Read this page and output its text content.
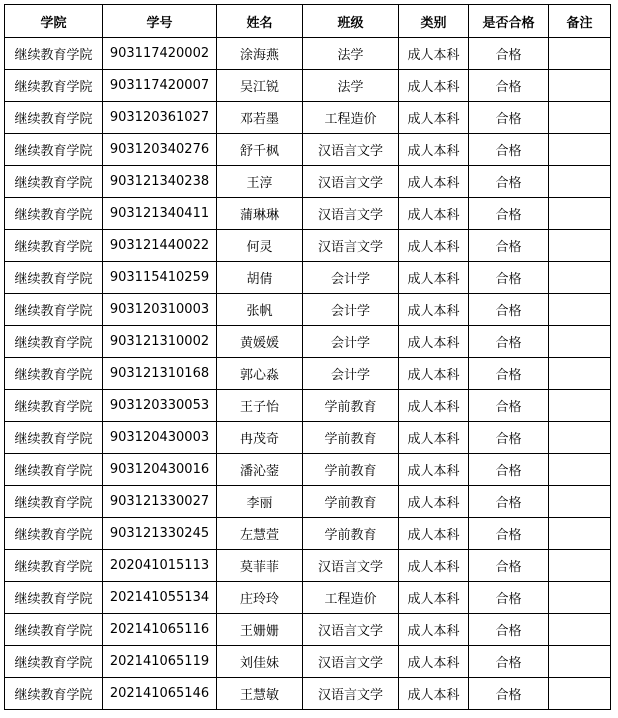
学院	学号	姓名	班级	类别	是否合格	备注
继续教育学院	903117420002	涂海燕	法学	成人本科	合格	
继续教育学院	903117420007	吴江锐	法学	成人本科	合格	
继续教育学院	903120361027	邓若墨	工程造价	成人本科	合格	
继续教育学院	903120340276	舒千枫	汉语言文学	成人本科	合格	
继续教育学院	903121340238	王淳	汉语言文学	成人本科	合格	
继续教育学院	903121340411	蒲琳琳	汉语言文学	成人本科	合格	
继续教育学院	903121440022	何灵	汉语言文学	成人本科	合格	
继续教育学院	903115410259	胡倩	会计学	成人本科	合格	
继续教育学院	903120310003	张帆	会计学	成人本科	合格	
继续教育学院	903121310002	黄媛媛	会计学	成人本科	合格	
继续教育学院	903121310168	郭心淼	会计学	成人本科	合格	
继续教育学院	903120330053	王子怡	学前教育	成人本科	合格	
继续教育学院	903120430003	冉茂奇	学前教育	成人本科	合格	
继续教育学院	903120430016	潘沁蓥	学前教育	成人本科	合格	
继续教育学院	903121330027	李丽	学前教育	成人本科	合格	
继续教育学院	903121330245	左慧萱	学前教育	成人本科	合格	
继续教育学院	202041015113	莫菲菲	汉语言文学	成人本科	合格	
继续教育学院	202141055134	庄玲玲	工程造价	成人本科	合格	
继续教育学院	202141065116	王姗姗	汉语言文学	成人本科	合格	
继续教育学院	202141065119	刘佳妹	汉语言文学	成人本科	合格	
继续教育学院	202141065146	王慧敏	汉语言文学	成人本科	合格	
